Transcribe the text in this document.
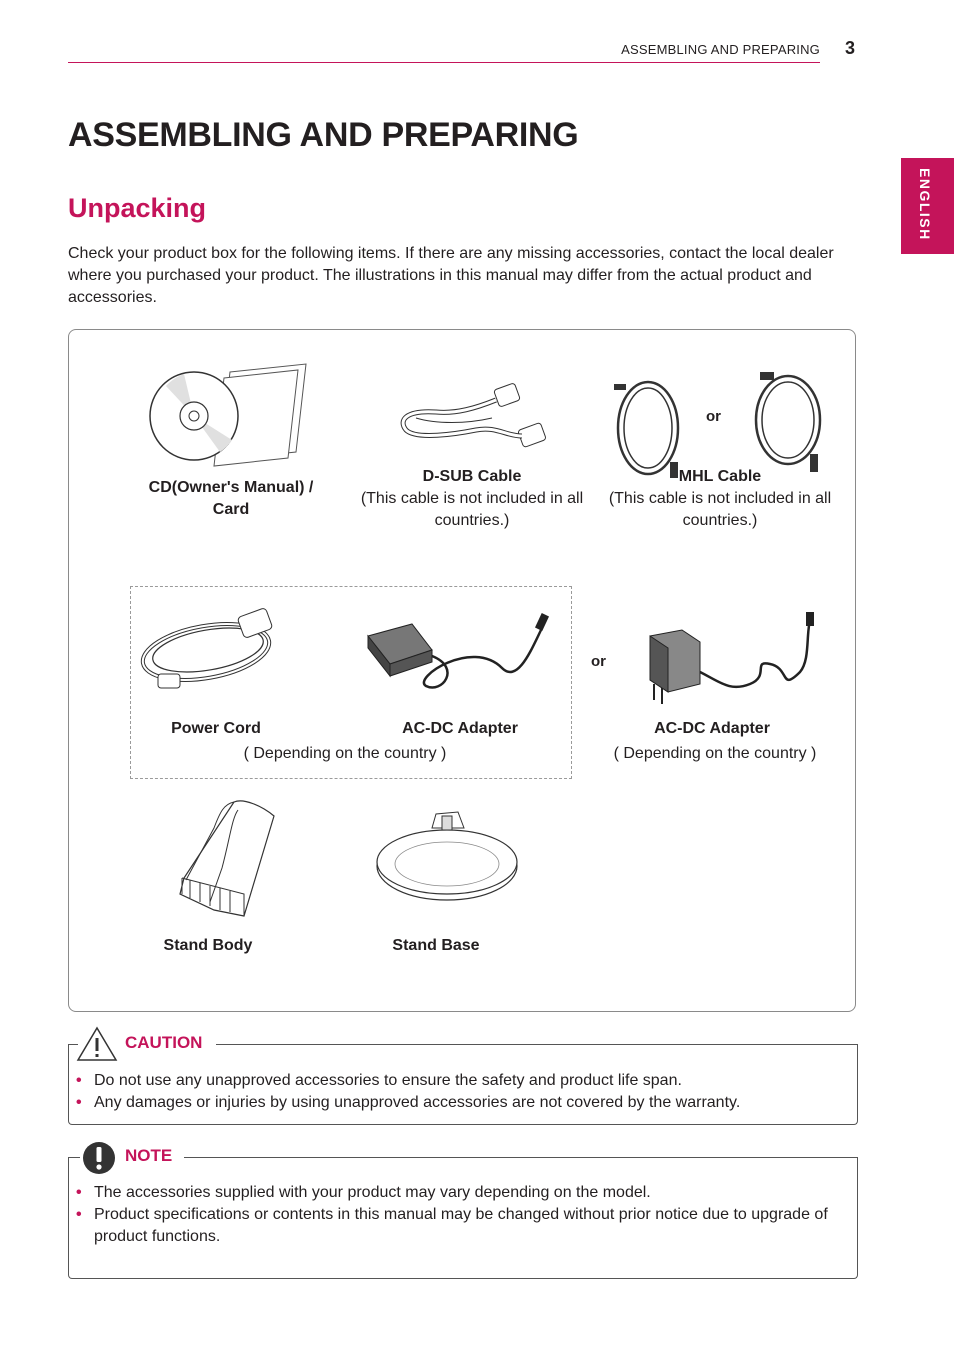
ASSEMBLING AND PREPARING 3
ENGLISH
ASSEMBLING AND PREPARING
Unpacking

Check your product box for the following items. If there are any missing accessories, contact the local dealer where you purchased your product. The illustrations in this manual may differ from the actual product and accessories.

CD(Owner's Manual) /
Card
D-SUB Cable
(This cable is not included in all
countries.)
or
MHL Cable
(This cable is not included in all
countries.)
Power Cord	AC-DC Adapter
( Depending on the country )
or
AC-DC Adapter
( Depending on the country )
Stand Body	Stand Base
CAUTION
• Do not use any unapproved accessories to ensure the safety and product life span.
• Any damages or injuries by using unapproved accessories are not covered by the warranty.
NOTE
• The accessories supplied with your product may vary depending on the model.
• Product specifications or contents in this manual may be changed without prior notice due to upgrade of product functions.
